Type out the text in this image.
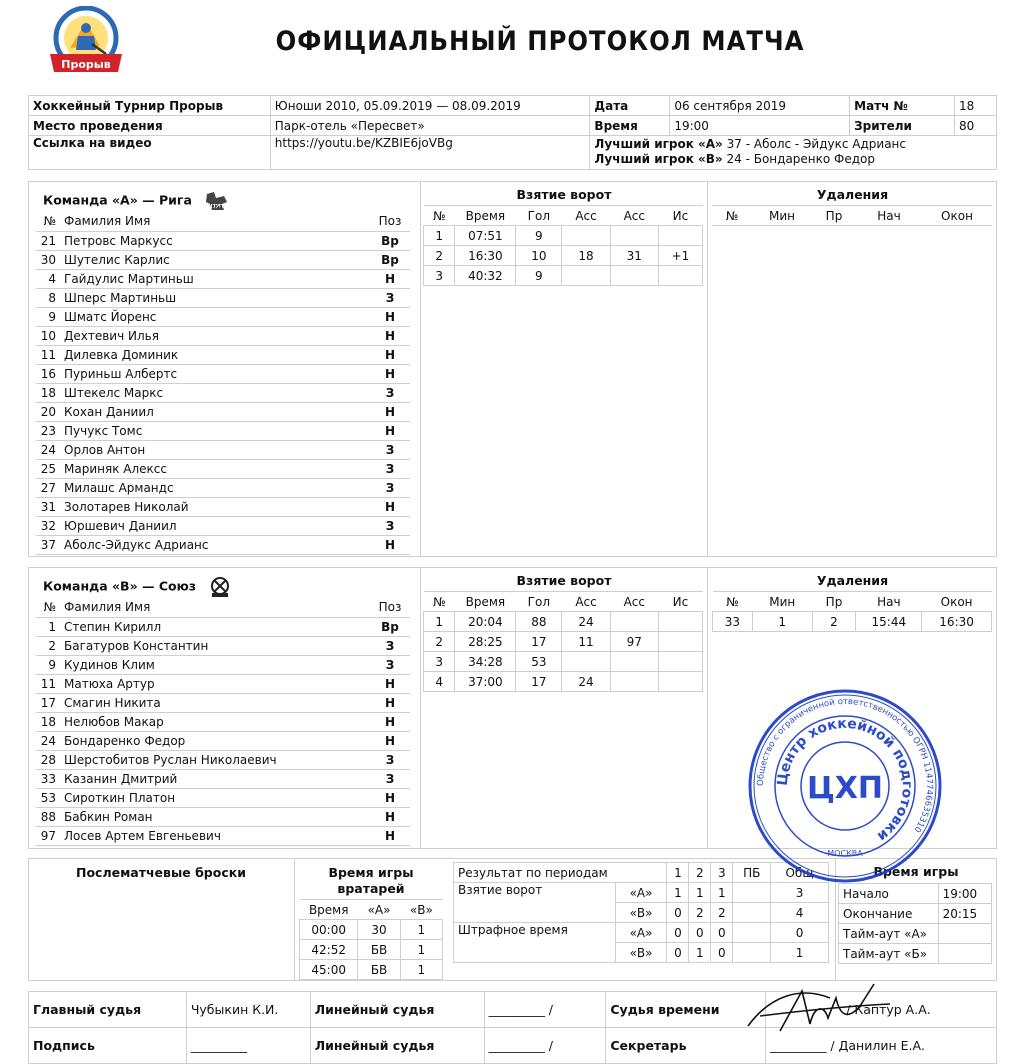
Прорыв
ОФИЦИАЛЬНЫЙ ПРОТОКОЛ МАТЧА
Хоккейный Турнир Прорыв	Юноши 2010, 05.09.2019 — 08.09.2019	Дата	06 сентября 2019	Матч №	18
Место проведения	Парк-отель «Пересвет»	Время	19:00	Зрители	80
Ссылка на видео	https://youtu.be/KZBIE6joVBg	Лучший игрок «А» 37 - Аболс - Эйдукс Адрианс
Лучший игрок «В» 24 - Бондаренко Федор			
Команда «А» — Рига	RIGA
№	Фамилия Имя	Поз
21	Петровс Маркусс	Вр
30	Шутелис Карлис	Вр
4	Гайдулис Мартиньш	Н
8	Шперс Мартиньш	З
9	Шматс Йоренс	Н
10	Дехтевич Илья	Н
11	Дилевка Доминик	Н
16	Пуриньш Албертс	Н
18	Штекелс Маркс	З
20	Кохан Даниил	Н
23	Пучукс Томс	Н
24	Орлов Антон	З
25	Мариняк Алексс	З
27	Милашс Армандс	З
31	Золотарев Николай	Н
32	Юршевич Даниил	З
37	Аболс-Эйдукс Адрианс	Н
Взятие ворот
№	Время	Гол	Асс	Асс	Ис
1	07:51	9			
2	16:30	10	18	31	+1
3	40:32	9			
Удаления
№	Мин	Пр	Нач	Окон
Команда «В» — Союз
№	Фамилия Имя	Поз
1	Степин Кирилл	Вр
2	Багатуров Константин	З
9	Кудинов Клим	З
11	Матюха Артур	Н
17	Смагин Никита	Н
18	Нелюбов Макар	Н
24	Бондаренко Федор	Н
28	Шерстобитов Руслан Николаевич	З
33	Казанин Дмитрий	З
53	Сироткин Платон	Н
88	Бабкин Роман	Н
97	Лосев Артем Евгеньевич	Н
Взятие ворот
№	Время	Гол	Асс	Асс	Ис
1	20:04	88	24		
2	28:25	17	11	97	
3	34:28	53			
4	37:00	17	24		
Удаления
№	Мин	Пр	Нач	Окон
33	1	2	15:44	16:30
Послематчевые броски	Время игры
вратарей
Время	«А»	«В»
00:00	30	1
42:52	БВ	1
45:00	БВ	1
Результат по периодам		1	2	3	ПБ	Общ
Взятие ворот	«А»	1	1	1		3
	«В»	0	2	2		4
Штрафное время	«А»	0	0	0		0
	«В»	0	1	0		1
Время игры
Начало	19:00
Окончание	20:15
Тайм-аут «А»	
Тайм-аут «Б»	
Главный судья	Чубыкин К.И.	Линейный судья	_________ /	Судья времени	/ Каптур А.А.
Подпись	_________	Линейный судья	_________ /	Секретарь	_________ / Данилин Е.А.
Общество с ограниченной ответственностью ОГРН 1147746635310
Центр хоккейной подготовки
ЦХП
МОСКВА
